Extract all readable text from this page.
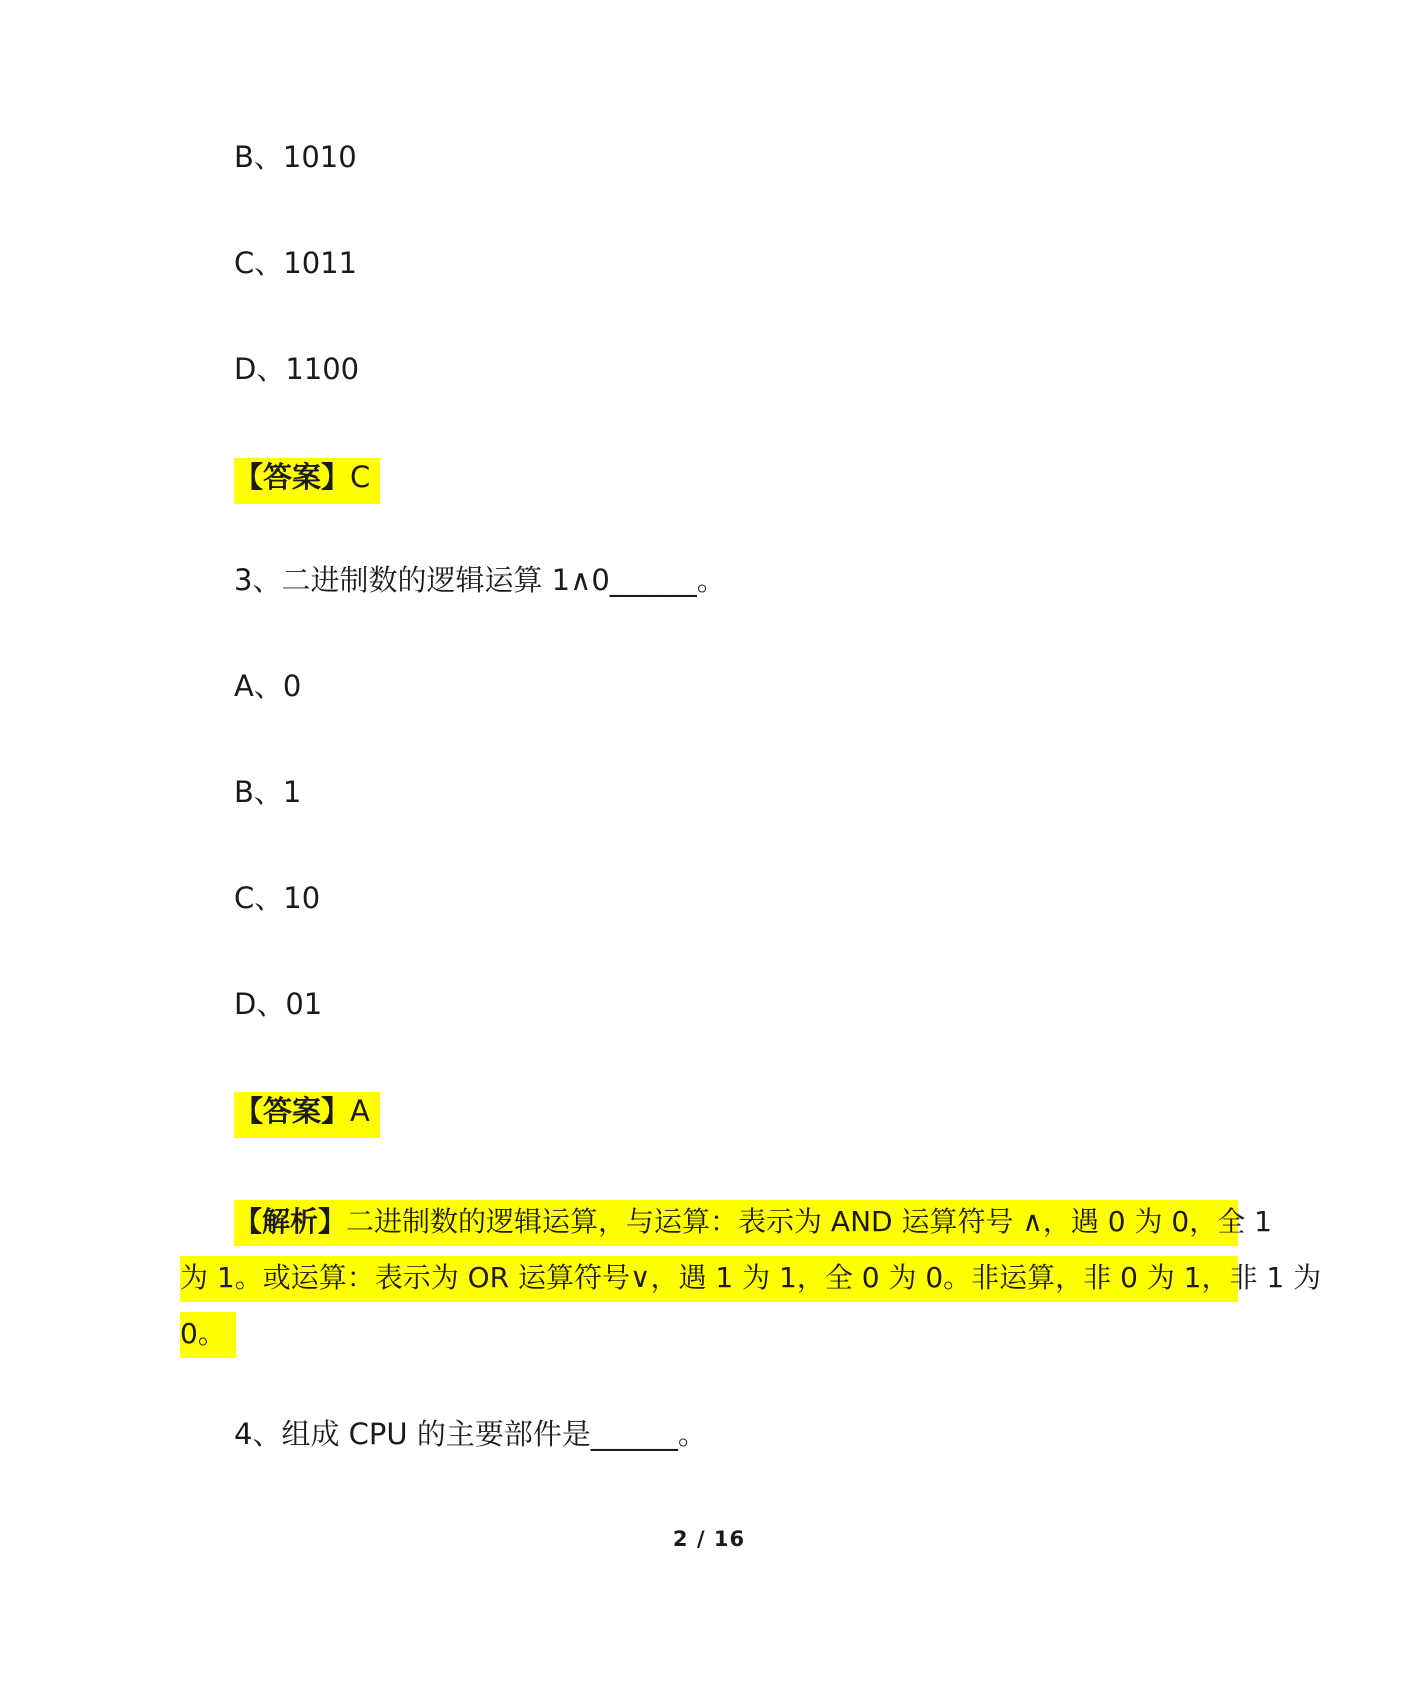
B、1010
C、1011
D、1100
【答案】C
3、二进制数的逻辑运算 1∧0______。
A、0
B、1
C、10
D、01
【答案】A
【解析】二进制数的逻辑运算，与运算：表示为 AND 运算符号 ∧，遇 0 为 0，全 1
为 1。或运算：表示为 OR 运算符号∨，遇 1 为 1，全 0 为 0。非运算，非 0 为 1，非 1 为
0。
4、组成 CPU 的主要部件是______。
2 / 16
